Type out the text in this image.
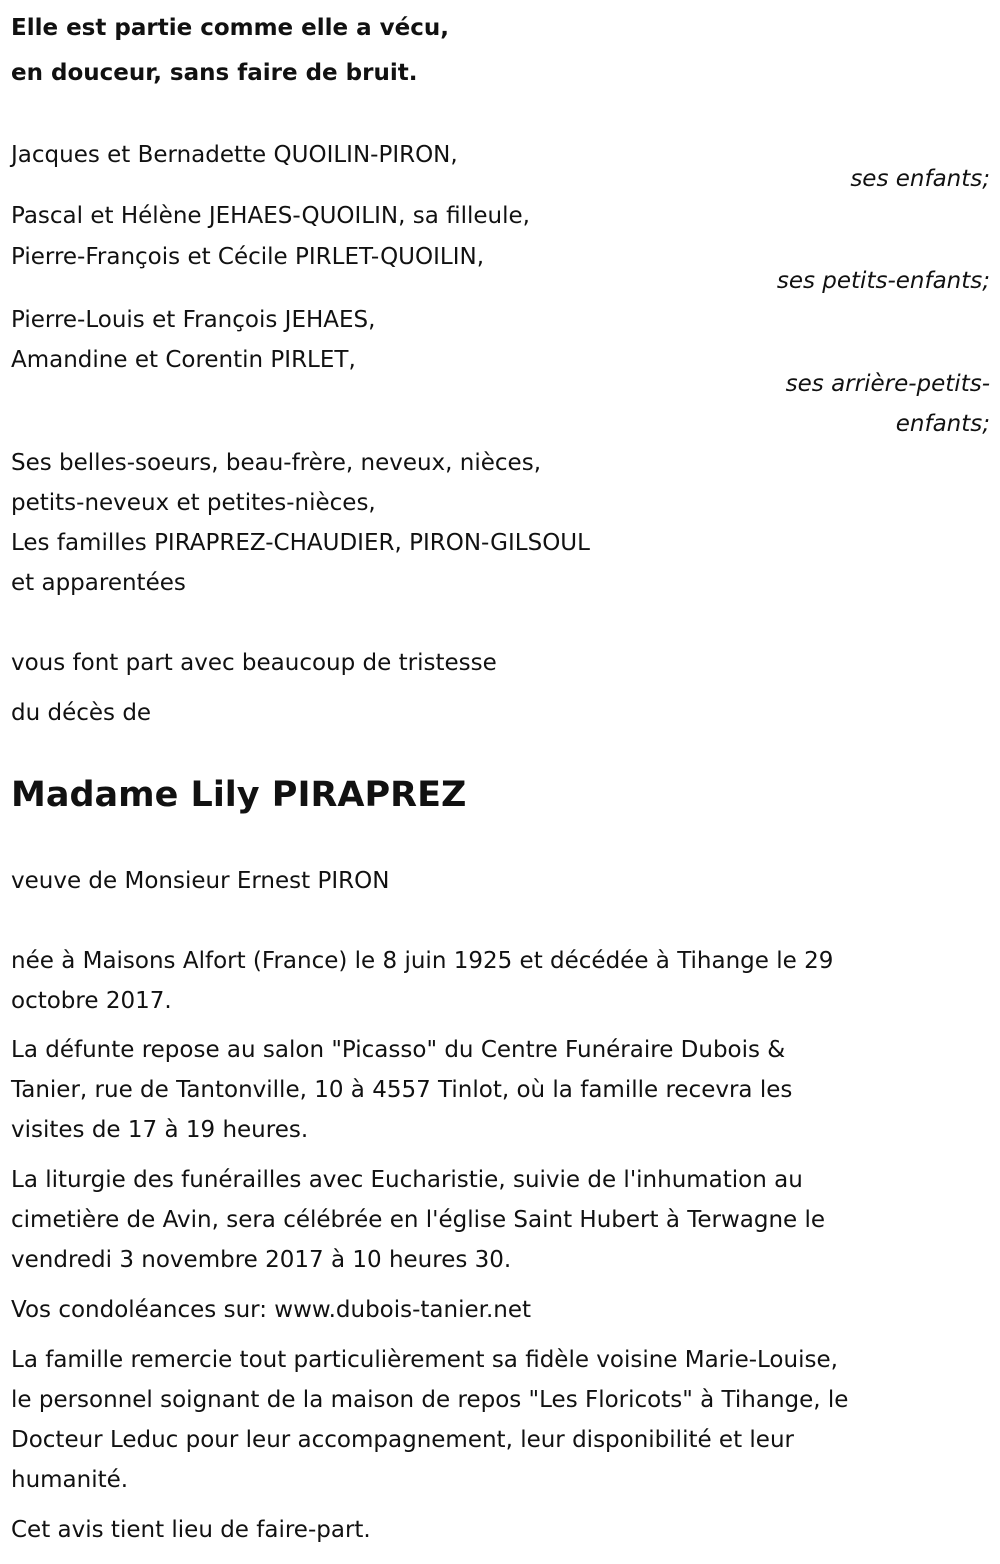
Elle est partie comme elle a vécu,
en douceur, sans faire de bruit.
Jacques et Bernadette QUOILIN-PIRON,
ses enfants;
Pascal et Hélène JEHAES-QUOILIN, sa filleule,
Pierre-François et Cécile PIRLET-QUOILIN,
ses petits-enfants;
Pierre-Louis et François JEHAES,
Amandine et Corentin PIRLET,
ses arrière-petits-
enfants;
Ses belles-soeurs, beau-frère, neveux, nièces,
petits-neveux et petites-nièces,
Les familles PIRAPREZ-CHAUDIER, PIRON-GILSOUL
et apparentées
vous font part avec beaucoup de tristesse
du décès de
Madame Lily PIRAPREZ
veuve de Monsieur Ernest PIRON
née à Maisons Alfort (France) le 8 juin 1925 et décédée à Tihange le 29
octobre 2017.
La défunte repose au salon "Picasso" du Centre Funéraire Dubois &
Tanier, rue de Tantonville, 10 à 4557 Tinlot, où la famille recevra les
visites de 17 à 19 heures.
La liturgie des funérailles avec Eucharistie, suivie de l'inhumation au
cimetière de Avin, sera célébrée en l'église Saint Hubert à Terwagne le
vendredi 3 novembre 2017 à 10 heures 30.
Vos condoléances sur: www.dubois-tanier.net
La famille remercie tout particulièrement sa fidèle voisine Marie-Louise,
le personnel soignant de la maison de repos "Les Floricots" à Tihange, le
Docteur Leduc pour leur accompagnement, leur disponibilité et leur
humanité.
Cet avis tient lieu de faire-part.
